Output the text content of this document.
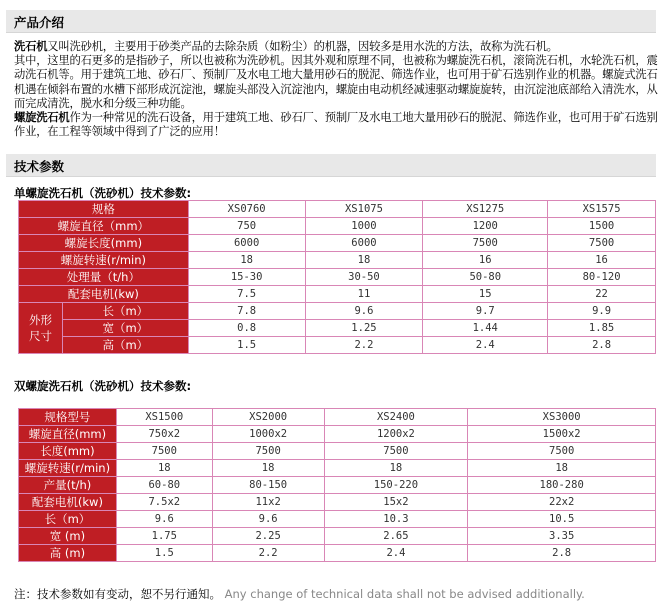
产品介绍
洗石机又叫洗砂机，主要用于砂类产品的去除杂质（如粉尘）的机器，因较多是用水洗的方法，故称为洗石机。
其中，这里的石更多的是指砂子，所以也被称为洗砂机。因其外观和原理不同，也被称为螺旋洗石机，滚筒洗石机，水轮洗石机，震动洗石机等。用于建筑工地、砂石厂、预制厂及水电工地大量用砂石的脱泥、筛选作业，也可用于矿石选别作业的机器。螺旋式洗石机遇在倾斜布置的水槽下部形成沉淀池，螺旋头部没入沉淀池内，螺旋由电动机经减速驱动螺旋旋转，由沉淀池底部给入清洗水，从而完成清洗，脱水和分级三种功能。
螺旋洗石机作为一种常见的洗石设备，用于建筑工地、砂石厂、预制厂及水电工地大量用砂石的脱泥、筛选作业，也可用于矿石选别作业，在工程等领域中得到了广泛的应用！
技术参数
单螺旋洗石机（洗砂机）技术参数:
规格		XS0760	XS1075	XS1275	XS1575
螺旋直径（mm）		750	1000	1200	1500
螺旋长度(mm)		6000	6000	7500	7500
螺旋转速(r/min)		18	18	16	16
处理量（t/h）		15-30	30-50	50-80	80-120
配套电机(kw)		7.5	11	15	22
外形尺寸	长（m）	7.8	9.6	9.7	9.9
	宽（m）	0.8	1.25	1.44	1.85
	高（m）	1.5	2.2	2.4	2.8
双螺旋洗石机（洗砂机）技术参数:
规格型号	XS1500	XS2000	XS2400	XS3000
螺旋直径(mm)	750x2	1000x2	1200x2	1500x2
长度(mm)	7500	7500	7500	7500
螺旋转速(r/min)	18	18	18	18
产量(t/h)	60-80	80-150	150-220	180-280
配套电机(kw)	7.5x2	11x2	15x2	22x2
长（m）	9.6	9.6	10.3	10.5
宽 (m)	1.75	2.25	2.65	3.35
高 (m)	1.5	2.2	2.4	2.8
注：技术参数如有变动，恕不另行通知。 Any change of technical data shall not be advised additionally.
